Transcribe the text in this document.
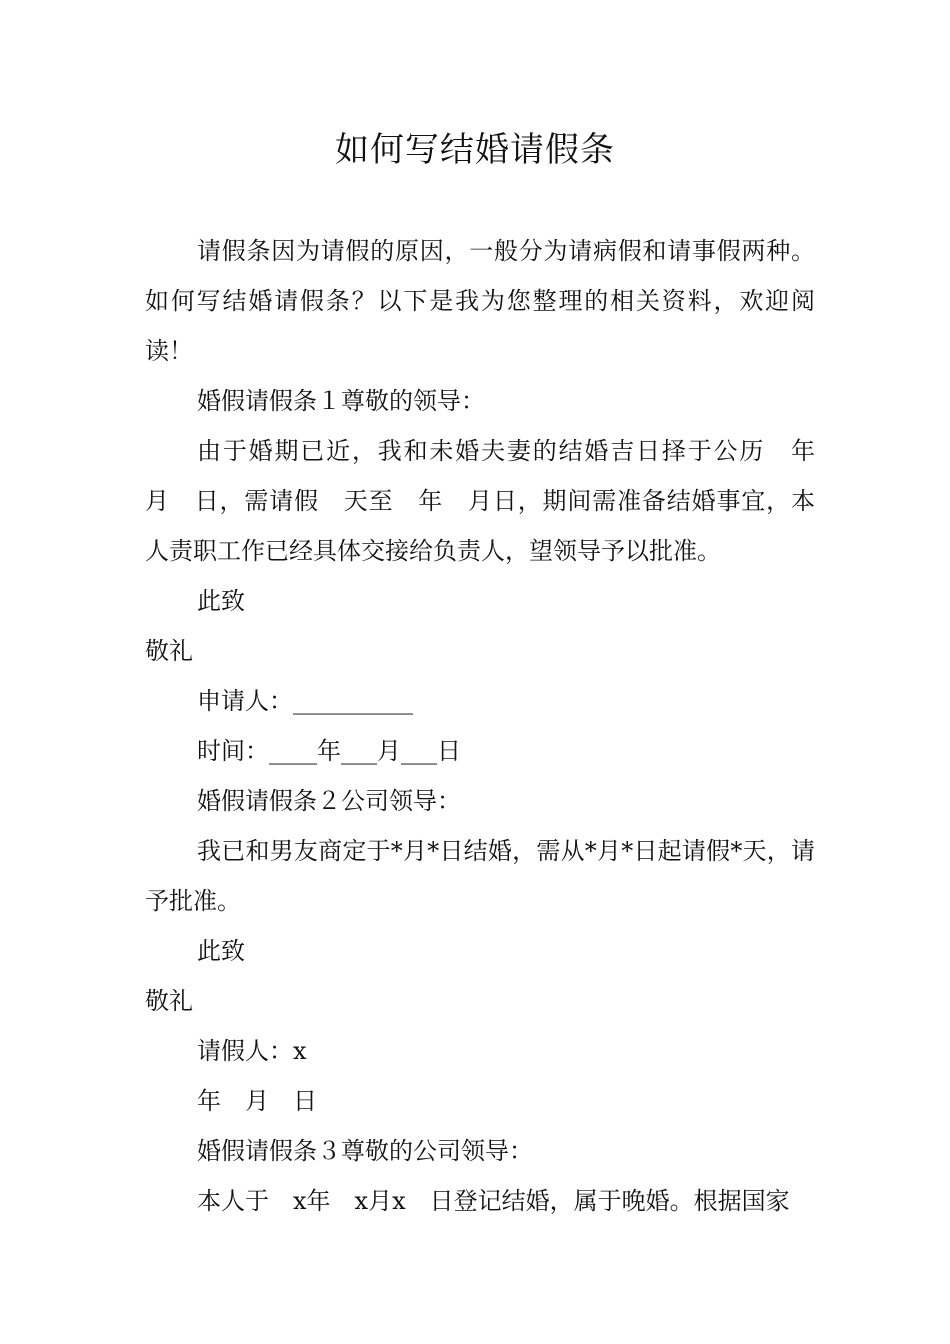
如何写结婚请假条

请假条因为请假的原因，一般分为请病假和请事假两种。如何写结婚请假条？以下是我为您整理的相关资料，欢迎阅读！

婚假请假条１尊敬的领导：

由于婚期已近，我和未婚夫妻的结婚吉日择于公历　年　月　日，需请假　天至　年　月日，期间需准备结婚事宜，本人责职工作已经具体交接给负责人，望领导予以批准。

此致

敬礼

申请人：__________

时间：____年___月___日

婚假请假条２公司领导：

我已和男友商定于*月*日结婚，需从*月*日起请假*天，请予批准。

此致

敬礼

请假人：x

年　月　日

婚假请假条３尊敬的公司领导：

本人于　x年　x月x　日登记结婚，属于晚婚。根据国家
